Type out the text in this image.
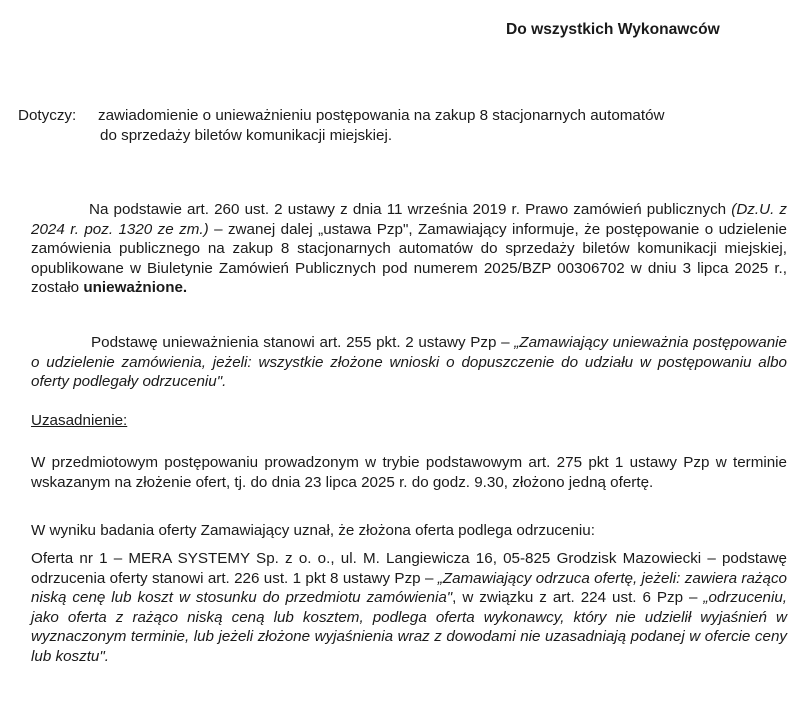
Do wszystkich Wykonawców
Dotyczy: zawiadomienie o unieważnieniu postępowania na zakup 8 stacjonarnych automatów
do sprzedaży biletów komunikacji miejskiej.
Na podstawie art. 260 ust. 2 ustawy z dnia 11 września 2019 r. Prawo zamówień publicznych (Dz.U. z 2024 r. poz. 1320 ze zm.) – zwanej dalej „ustawa Pzp", Zamawiający informuje, że postępowanie o udzielenie zamówienia publicznego na zakup 8 stacjonarnych automatów do sprzedaży biletów komunikacji miejskiej, opublikowane w Biuletynie Zamówień Publicznych pod numerem 2025/BZP 00306702 w dniu 3 lipca 2025 r., zostało unieważnione.
Podstawę unieważnienia stanowi art. 255 pkt. 2 ustawy Pzp – „Zamawiający unieważnia postępowanie o udzielenie zamówienia, jeżeli: wszystkie złożone wnioski o dopuszczenie do udziału w postępowaniu albo oferty podlegały odrzuceniu".
Uzasadnienie:
W przedmiotowym postępowaniu prowadzonym w trybie podstawowym art. 275 pkt 1 ustawy Pzp w terminie wskazanym na złożenie ofert, tj. do dnia 23 lipca 2025 r. do godz. 9.30, złożono jedną ofertę.
W wyniku badania oferty Zamawiający uznał, że złożona oferta podlega odrzuceniu:
Oferta nr 1 – MERA SYSTEMY Sp. z o. o., ul. M. Langiewicza 16, 05-825 Grodzisk Mazowiecki – podstawę odrzucenia oferty stanowi art. 226 ust. 1 pkt 8 ustawy Pzp – „Zamawiający odrzuca ofertę, jeżeli: zawiera rażąco niską cenę lub koszt w stosunku do przedmiotu zamówienia", w związku z art. 224 ust. 6 Pzp – „odrzuceniu, jako oferta z rażąco niską ceną lub kosztem, podlega oferta wykonawcy, który nie udzielił wyjaśnień w wyznaczonym terminie, lub jeżeli złożone wyjaśnienia wraz z dowodami nie uzasadniają podanej w ofercie ceny lub kosztu".
